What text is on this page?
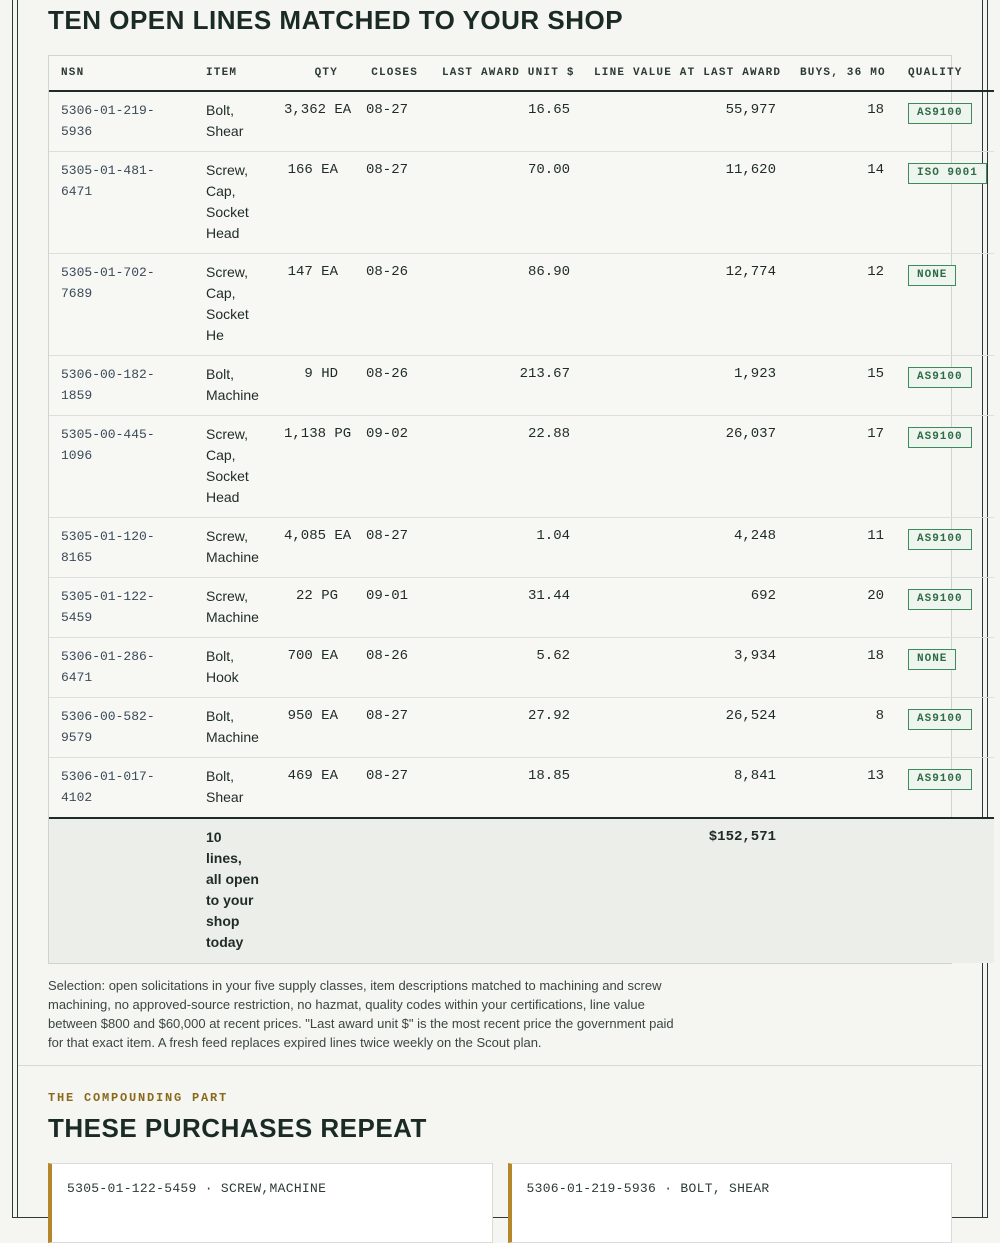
TEN OPEN LINES MATCHED TO YOUR SHOP
NSN	ITEM	QTY	CLOSES	LAST AWARD UNIT $	LINE VALUE AT LAST AWARD	BUYS, 36 MO	QUALITY
5306-01-219-5936	Bolt, Shear	3,362 EA	08-27	16.65	55,977	18	AS9100
5305-01-481-6471	Screw, Cap, Socket Head	166 EA	08-27	70.00	11,620	14	ISO 9001
5305-01-702-7689	Screw, Cap, Socket He	147 EA	08-26	86.90	12,774	12	NONE
5306-00-182-1859	Bolt, Machine	9 HD	08-26	213.67	1,923	15	AS9100
5305-00-445-1096	Screw, Cap, Socket Head	1,138 PG	09-02	22.88	26,037	17	AS9100
5305-01-120-8165	Screw, Machine	4,085 EA	08-27	1.04	4,248	11	AS9100
5305-01-122-5459	Screw, Machine	22 PG	09-01	31.44	692	20	AS9100
5306-01-286-6471	Bolt, Hook	700 EA	08-26	5.62	3,934	18	NONE
5306-00-582-9579	Bolt, Machine	950 EA	08-27	27.92	26,524	8	AS9100
5306-01-017-4102	Bolt, Shear	469 EA	08-27	18.85	8,841	13	AS9100
	10 lines, all open to your shop today				$152,571		

Selection: open solicitations in your five supply classes, item descriptions matched to machining and screw machining, no approved-source restriction, no hazmat, quality codes within your certifications, line value between $800 and $60,000 at recent prices. "Last award unit $" is the most recent price the government paid for that exact item. A fresh feed replaces expired lines twice weekly on the Scout plan.

THE COMPOUNDING PART
THESE PURCHASES REPEAT
5305-01-122-5459 · SCREW,MACHINE	5306-01-219-5936 · BOLT, SHEAR
